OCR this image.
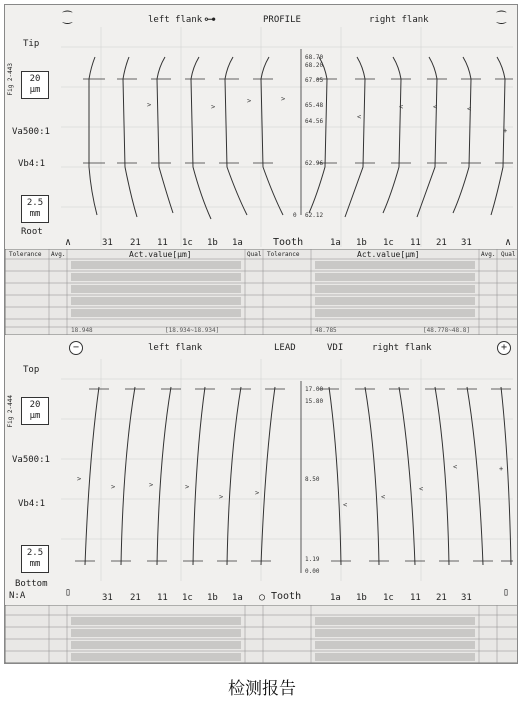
⁐	left flank ⊶	PROFILE	right flank	⁐
Tip
Fig 2-443	20
µm
Va500:1
Vb4:1
2.5
mm
Root
>	>
>	>
<
<	<	<
+
68.70
68.20
67.05
65.48
64.56
62.96
62.12
0
∧	31 21 11 1c 1b 1a	Tooth	1a 1b 1c 11 21 31	∧
Tolerance Avg.	Act.value[µm]	Qual Tolerance	Act.value[µm]	Avg. Qual
18.948	[18.934~18.934]	48.785	[48.778~48.8]
−	left flank	LEAD	VDI	right flank	+
Top
Fig 2-444	20
µm
Va500:1
Vb4:1
2.5
mm
Bottom
N:A
>
>	>	>
>	>
<
<
<
<	+
17.00
15.80
8.50
1.19
0.00
▯	31 21 11 1c 1b 1a ○ Tooth	1a 1b 1c 11 21 31	▯
检测报告
